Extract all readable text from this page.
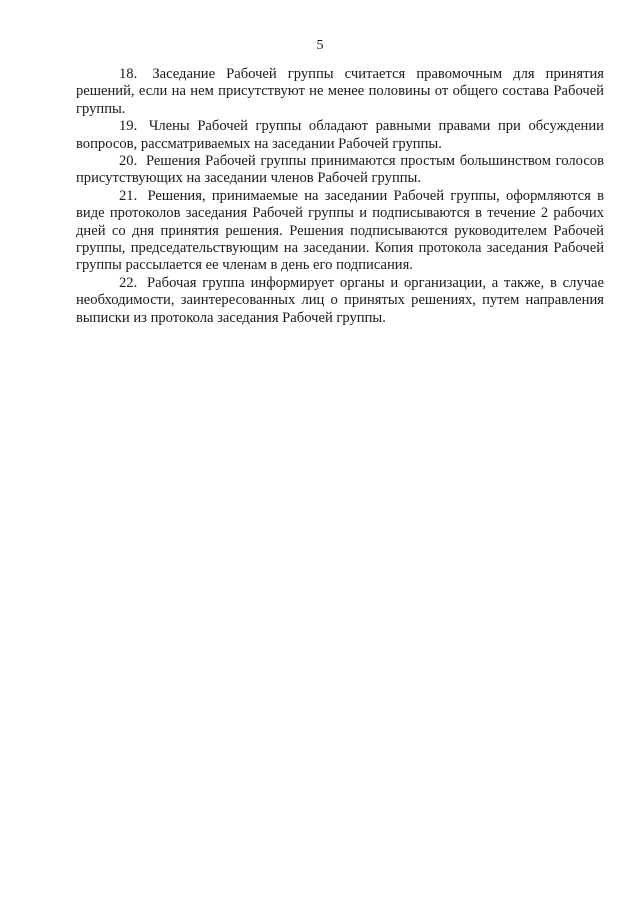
5

18. Заседание Рабочей группы считается правомочным для принятия решений, если на нем присутствуют не менее половины от общего состава Рабочей группы.

19. Члены Рабочей группы обладают равными правами при обсуждении вопросов, рассматриваемых на заседании Рабочей группы.

20. Решения Рабочей группы принимаются простым большинством голосов присутствующих на заседании членов Рабочей группы.

21. Решения, принимаемые на заседании Рабочей группы, оформляются в виде протоколов заседания Рабочей группы и подписываются в течение 2 рабочих дней со дня принятия решения. Решения подписываются руководителем Рабочей группы, председательствующим на заседании. Копия протокола заседания Рабочей группы рассылается ее членам в день его подписания.

22. Рабочая группа информирует органы и организации, а также, в случае необходимости, заинтересованных лиц о принятых решениях, путем направления выписки из протокола заседания Рабочей группы.
